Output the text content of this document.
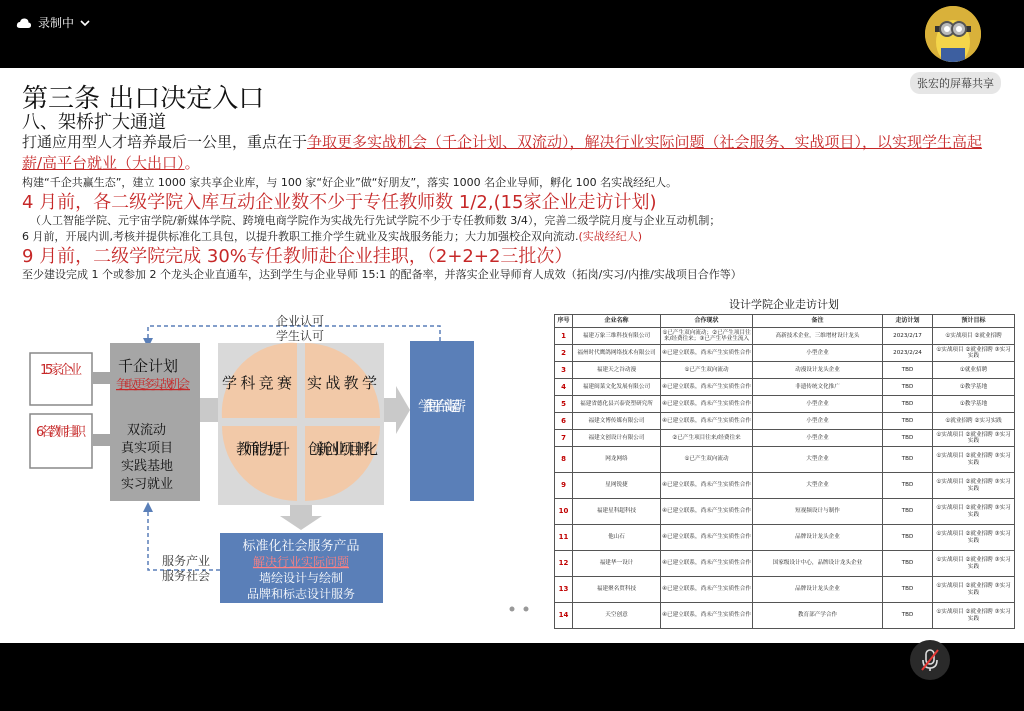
录制中
第三条 出口决定入口
八、架桥扩大通道
打通应用型人才培养最后一公里，重点在于争取更多实战机会（千企计划、双流动），解决行业实际问题（社会服务、实战项目），以实现学生高起薪/高平台就业（大出口）。
构建“千企共赢生态”，建立 1000 家共享企业库，与 100 家“好企业”做“好朋友”，落实 1000 名企业导师，孵化 100 名实战经纪人。
4 月前，各二级学院入库互动企业数不少于专任教师数 1/2,(15家企业走访计划)
（人工智能学院、元宇宙学院/新媒体学院、跨境电商学院作为实战先行先试学院不少于专任教师数 3/4），完善二级学院月度与企业互动机制；
6 月前，开展内训,考核并提供标准化工具包，以提升教职工推介学生就业及实战服务能力；大力加强校企双向流动.(实战经纪人)
9 月前，二级学院完成 30%专任教师赴企业挂职，（2+2+2三批次）
至少建设完成 1 个或参加 2 个龙头企业直通车，达到学生与企业导师 15:1 的配备率，并落实企业导师育人成效（拓岗/实习/内推/实战项目合作等）
企业认可
学生认可
15家企业
6名教师挂职
千企计划
争取更多实战机会
双流动
真实项目
实践基地
实习就业
学科竞赛 实战教学
教师能力提升 创新创业项目孵化
学生:高平台高起薪
服务产业
服务社会
标准化社会服务产品
解决行业实际问题
墙绘设计与绘制
品牌和标志设计服务
设计学院企业走访计划
序号	企业名称	合作现状	备注	走访计划	预计目标
1	福建万象三维科技有限公司	①已产生双向流动；②已产生项目往来/经费往来；③已产生毕业生流入	高新技术企业，三维增材设计龙头	2023/2/17	①实战项目 ②就业招聘
2	福州时代鹰鸽网络技术有限公司	④已建立联系，尚未产生实质性合作	小型企业	2023/2/24	①实战项目 ②就业招聘 ③实习实践
3	福建天之谷动漫	①已产生双向流动	动漫设计龙头企业	TBD	①就业招聘
4	福建闽菜文化发展有限公司	④已建立联系，尚未产生实质性合作	非遗传统文化推广	TBD	①教学基地
5	福建省德化县兴泰瓷塑研究所	④已建立联系，尚未产生实质性合作	小型企业	TBD	①教学基地
6	福建文博传媒有限公司	④已建立联系，尚未产生实质性合作	小型企业	TBD	①就业招聘 ②实习实践
7	福建文创设计有限公司	②已产生项目往来/经费往来	小型企业	TBD	①实战项目 ②就业招聘 ③实习实践
8	网龙网络	①已产生双向流动	大型企业	TBD	①实战项目 ②就业招聘 ③实习实践
9	星网锐捷	④已建立联系，尚未产生实质性合作	大型企业	TBD	①实战项目 ②就业招聘 ③实习实践
10	福建星科超科技	④已建立联系，尚未产生实质性合作	短视频设计与制作	TBD	①实战项目 ②就业招聘 ③实习实践
11	他山石	④已建立联系，尚未产生实质性合作	品牌设计龙头企业	TBD	①实战项目 ②就业招聘 ③实习实践
12	福建华一设计	④已建立联系，尚未产生实质性合作	国家级设计中心，品牌设计龙头企业	TBD	①实战项目 ②就业招聘 ③实习实践
13	福建聚名贸科技	④已建立联系，尚未产生实质性合作	品牌设计龙头企业	TBD	①实战项目 ②就业招聘 ③实习实践
14	天空创意	④已建立联系，尚未产生实质性合作	教育部产学合作	TBD	①实战项目 ②就业招聘 ③实习实践
张宏的屏幕共享
